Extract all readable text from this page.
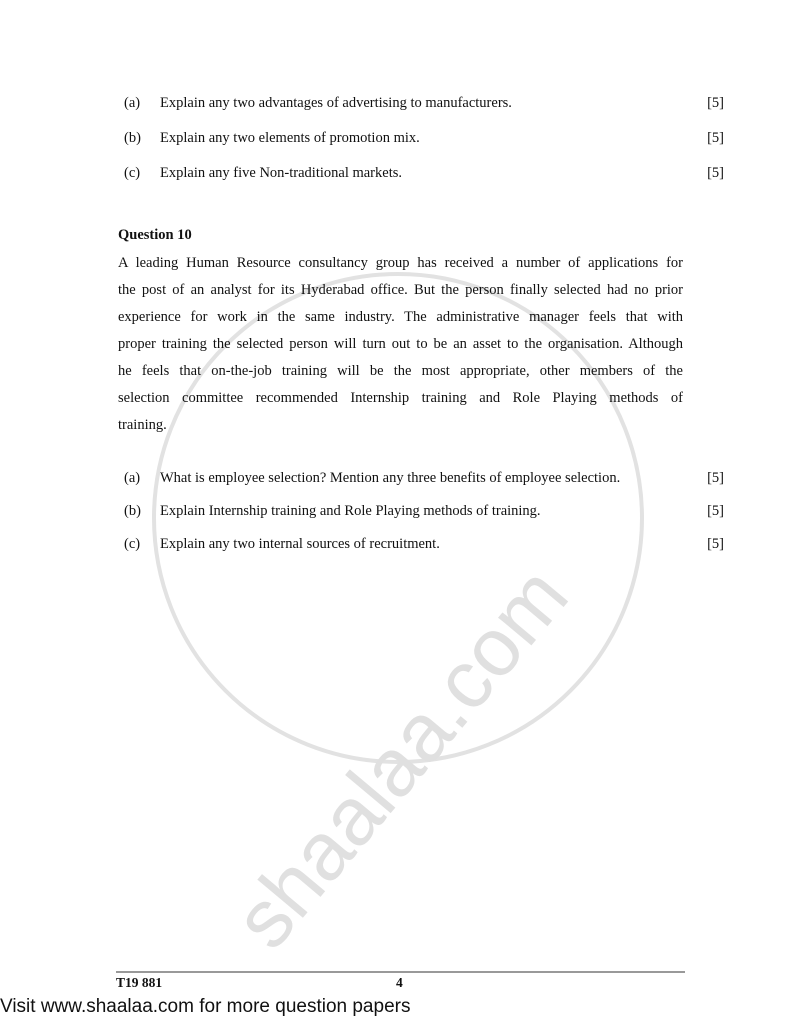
shaalaa.com
(a) Explain any two advantages of advertising to manufacturers.	[5]
(b) Explain any two elements of promotion mix.	[5]
(c) Explain any five Non-traditional markets.	[5]
Question 10
A leading Human Resource consultancy group has received a number of applications for
the post of an analyst for its Hyderabad office. But the person finally selected had no prior
experience for work in the same industry. The administrative manager feels that with
proper training the selected person will turn out to be an asset to the organisation. Although
he feels that on-the-job training will be the most appropriate, other members of the
selection committee recommended Internship training and Role Playing methods of
training.
(a) What is employee selection? Mention any three benefits of employee selection.	[5]
(b) Explain Internship training and Role Playing methods of training.	[5]
(c) Explain any two internal sources of recruitment.	[5]
T19 881	4
Visit www.shaalaa.com for more question papers
